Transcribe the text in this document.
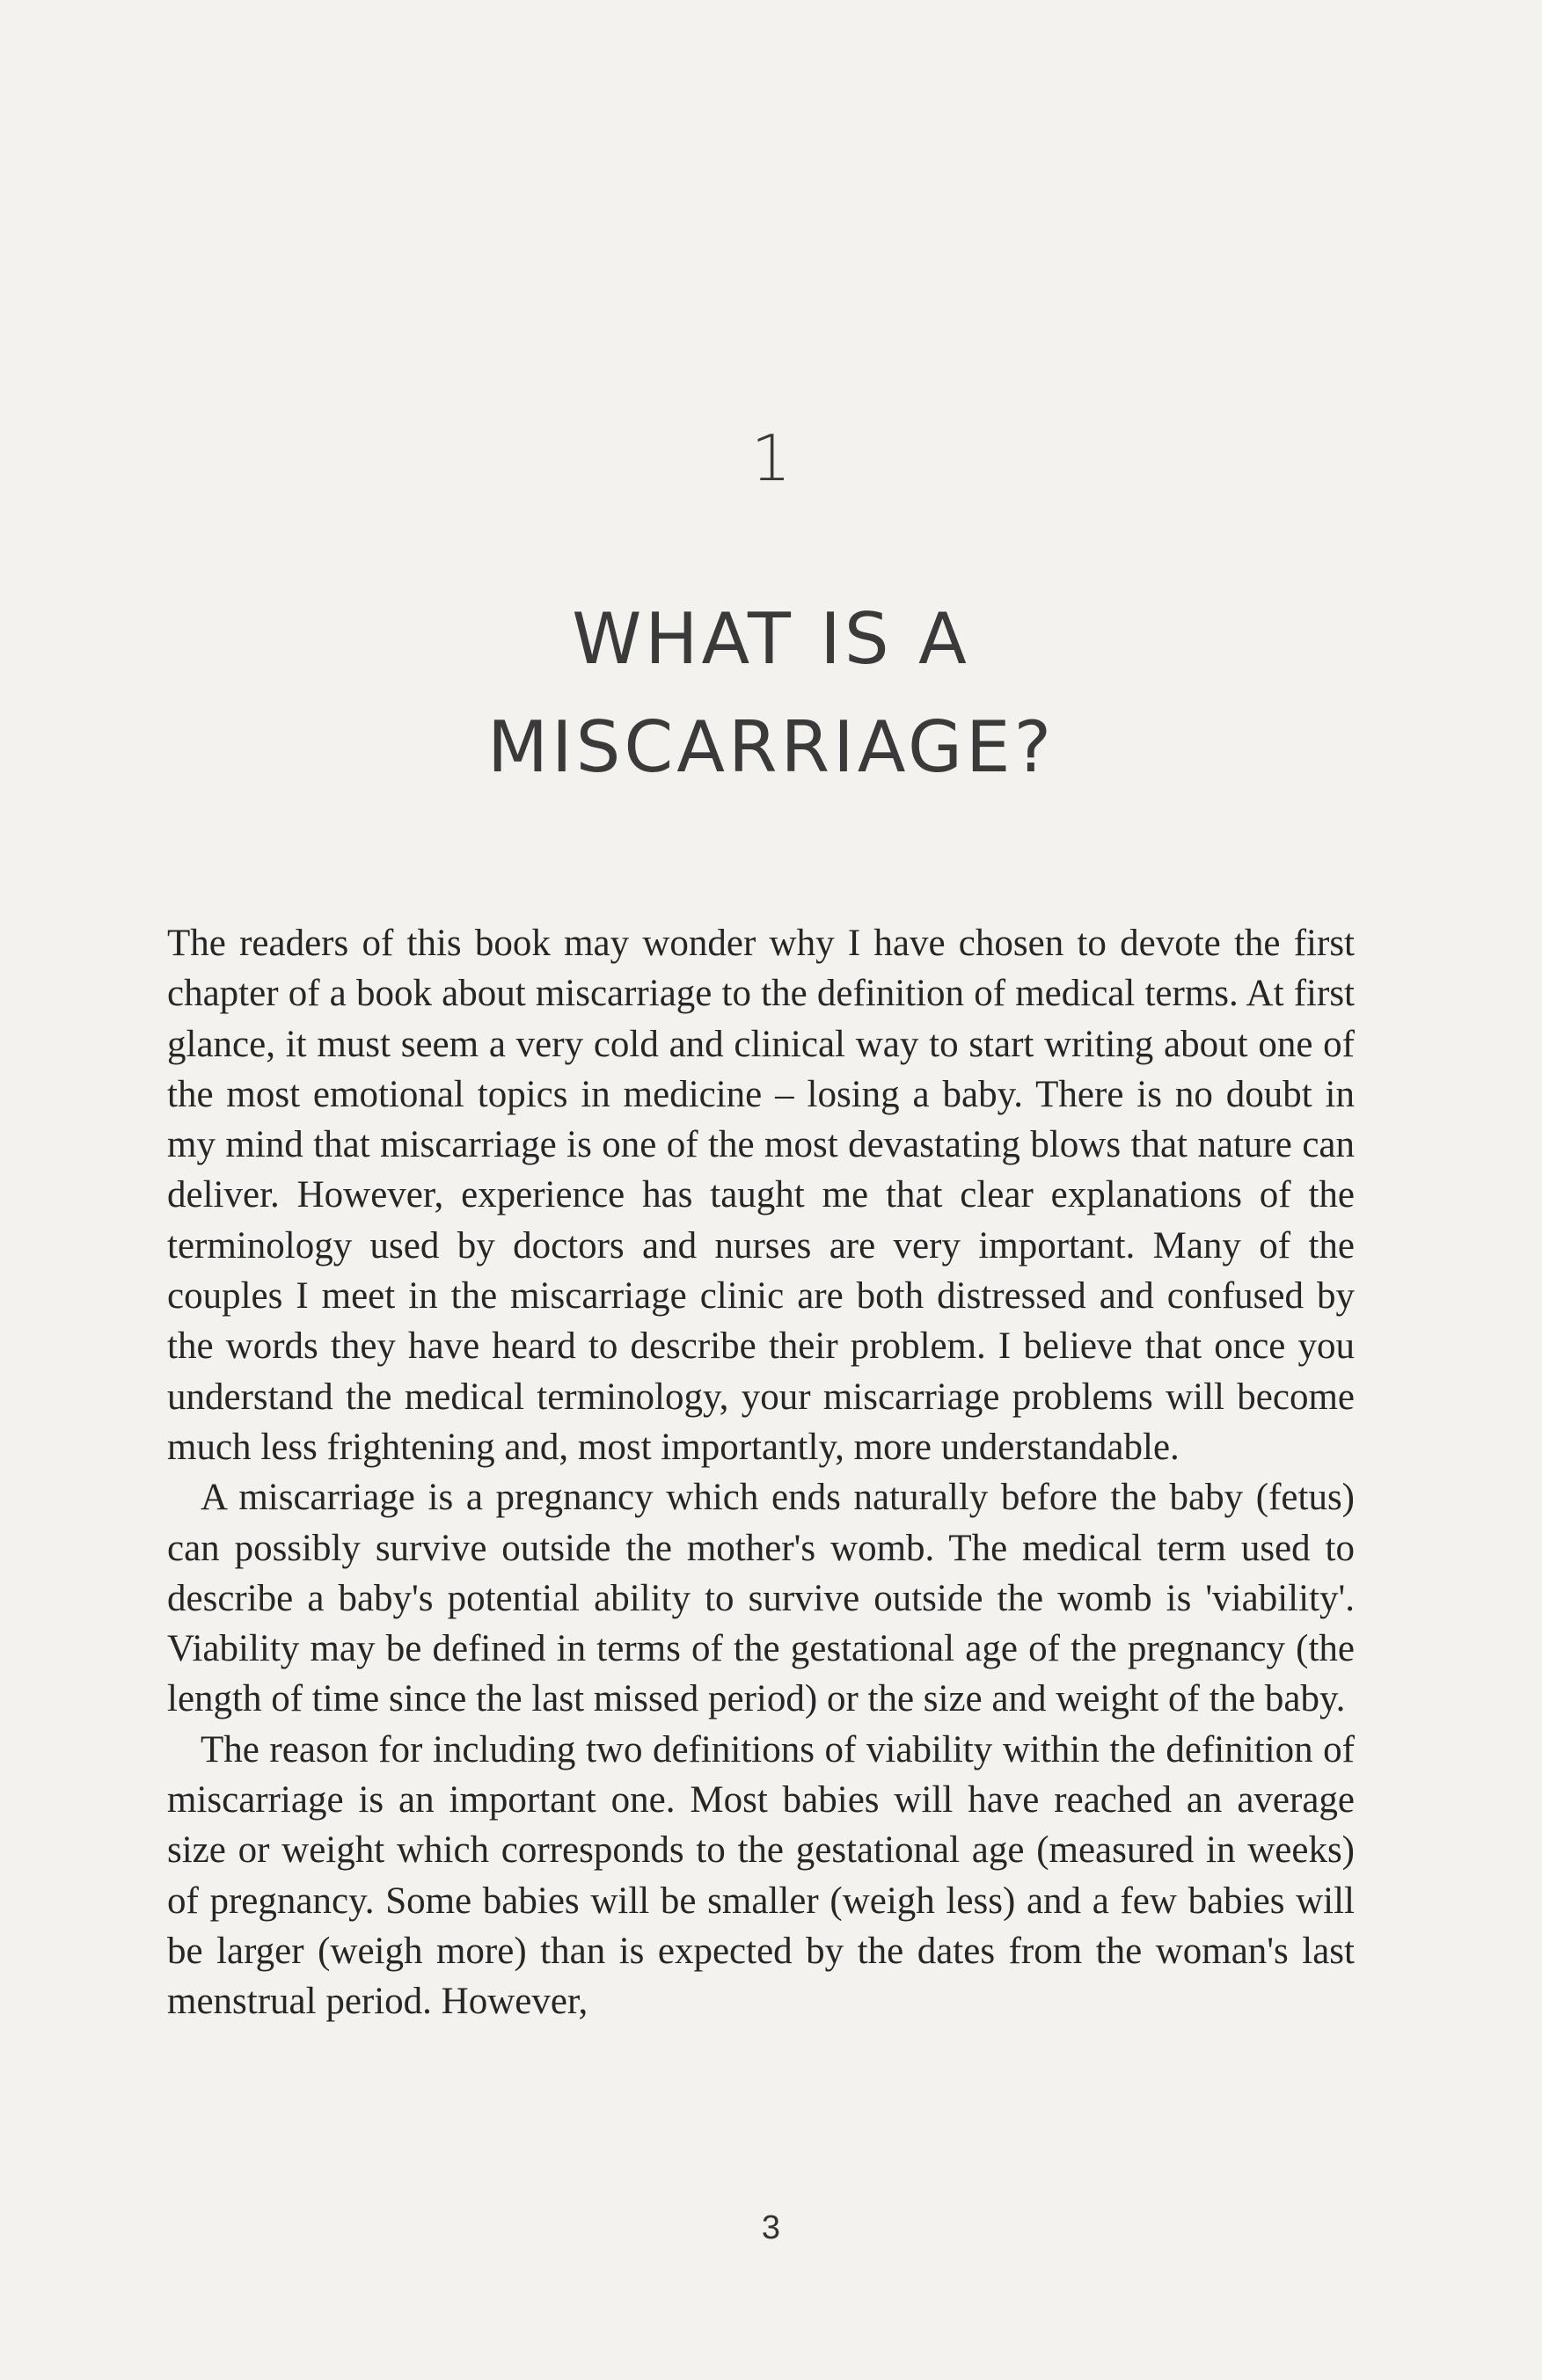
1
WHAT IS A
MISCARRIAGE?

The readers of this book may wonder why I have chosen to devote the first chapter of a book about miscarriage to the definition of medical terms. At first glance, it must seem a very cold and clinical way to start writing about one of the most emotional topics in medicine – losing a baby. There is no doubt in my mind that miscarriage is one of the most devastating blows that nature can deliver. However, experience has taught me that clear explanations of the terminology used by doctors and nurses are very important. Many of the couples I meet in the miscarriage clinic are both distressed and confused by the words they have heard to describe their problem. I believe that once you understand the medical terminology, your miscarriage problems will become much less frightening and, most importantly, more understandable.

A miscarriage is a pregnancy which ends naturally before the baby (fetus) can possibly survive outside the mother's womb. The medical term used to describe a baby's potential ability to survive outside the womb is 'viability'. Viability may be defined in terms of the gestational age of the pregnancy (the length of time since the last missed period) or the size and weight of the baby.

The reason for including two definitions of viability within the definition of miscarriage is an important one. Most babies will have reached an average size or weight which corresponds to the gestational age (measured in weeks) of pregnancy. Some babies will be smaller (weigh less) and a few babies will be larger (weigh more) than is expected by the dates from the woman's last menstrual period. However,

3
